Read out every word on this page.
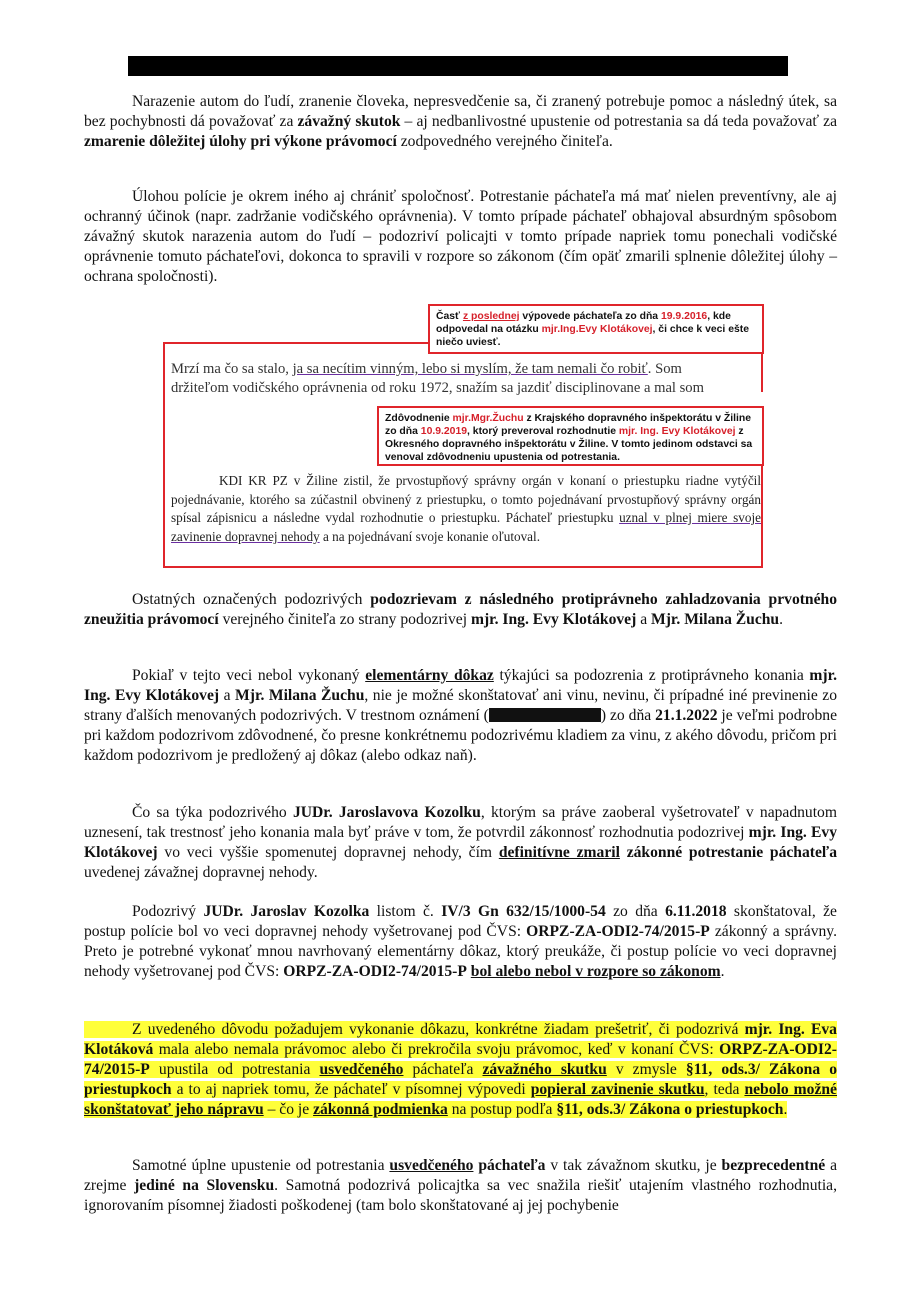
Narazenie autom do ľudí, zranenie človeka, nepresvedčenie sa, či zranený potrebuje pomoc a následný útek, sa bez pochybnosti dá považovať za závažný skutok – aj nedbanlivostné upustenie od potrestania sa dá teda považovať za zmarenie dôležitej úlohy pri výkone právomocí zodpovedného verejného činiteľa.

Úlohou polície je okrem iného aj chrániť spoločnosť. Potrestanie páchateľa má mať nielen preventívny, ale aj ochranný účinok (napr. zadržanie vodičského oprávnenia). V tomto prípade páchateľ obhajoval absurdným spôsobom závažný skutok narazenia autom do ľudí – podozriví policajti v tomto prípade napriek tomu ponechali vodičské oprávnenie tomuto páchateľovi, dokonca to spravili v rozpore so zákonom (čím opäť zmarili splnenie dôležitej úlohy – ochrana spoločnosti).

Časť z poslednej výpovede páchateľa zo dňa 19.9.2016, kde odpovedal na otázku mjr.Ing.Evy Klotákovej, či chce k veci ešte niečo uviesť.
Mrzí ma čo sa stalo, ja sa necítim vinným, lebo si myslím, že tam nemali čo robiť. Som
držiteľom vodičského oprávnenia od roku 1972, snažím sa jazdiť disciplinovane a mal som
Zdôvodnenie mjr.Mgr.Žuchu z Krajského dopravného inšpektorátu v Žiline zo dňa 10.9.2019, ktorý preveroval rozhodnutie mjr. Ing. Evy Klotákovej z Okresného dopravného inšpektorátu v Žiline. V tomto jedinom odstavci sa venoval zdôvodneniu upustenia od potrestania.

KDI KR PZ v Žiline zistil, že prvostupňový správny orgán v konaní o priestupku riadne vytýčil pojednávanie, ktorého sa zúčastnil obvinený z priestupku, o tomto pojednávaní prvostupňový správny orgán spísal zápisnicu a následne vydal rozhodnutie o priestupku. Páchateľ priestupku uznal v plnej miere svoje zavinenie dopravnej nehody a na pojednávaní svoje konanie oľutoval.

Ostatných označených podozrivých podozrievam z následného protiprávneho zahladzovania prvotného zneužitia právomocí verejného činiteľa zo strany podozrivej mjr. Ing. Evy Klotákovej a Mjr. Milana Žuchu.

Pokiaľ v tejto veci nebol vykonaný elementárny dôkaz týkajúci sa podozrenia z protiprávneho konania mjr. Ing. Evy Klotákovej a Mjr. Milana Žuchu, nie je možné skonštatovať ani vinu, nevinu, či prípadné iné previnenie zo strany ďalších menovaných podozrivých. V trestnom oznámení (	) zo dňa 21.1.2022 je veľmi podrobne pri každom podozrivom zdôvodnené, čo presne konkrétnemu podozrivému kladiem za vinu, z akého dôvodu, pričom pri každom podozrivom je predložený aj dôkaz (alebo odkaz naň).

Čo sa týka podozrivého JUDr. Jaroslavova Kozolku, ktorým sa práve zaoberal vyšetrovateľ v napadnutom uznesení, tak trestnosť jeho konania mala byť práve v tom, že potvrdil zákonnosť rozhodnutia podozrivej mjr. Ing. Evy Klotákovej vo veci vyššie spomenutej dopravnej nehody, čím definitívne zmaril zákonné potrestanie páchateľa uvedenej závažnej dopravnej nehody.

Podozrivý JUDr. Jaroslav Kozolka listom č. IV/3 Gn 632/15/1000-54 zo dňa 6.11.2018 skonštatoval, že postup polície bol vo veci dopravnej nehody vyšetrovanej pod ČVS: ORPZ-ZA-ODI2-74/2015-P zákonný a správny. Preto je potrebné vykonať mnou navrhovaný elementárny dôkaz, ktorý preukáže, či postup polície vo veci dopravnej nehody vyšetrovanej pod ČVS: ORPZ-ZA-ODI2-74/2015-P bol alebo nebol v rozpore so zákonom.

Z uvedeného dôvodu požadujem vykonanie dôkazu, konkrétne žiadam prešetriť, či podozrivá mjr. Ing. Eva Klotáková mala alebo nemala právomoc alebo či prekročila svoju právomoc, keď v konaní ČVS: ORPZ-ZA-ODI2-74/2015-P upustila od potrestania usvedčeného páchateľa závažného skutku v zmysle §11, ods.3/ Zákona o priestupkoch a to aj napriek tomu, že páchateľ v písomnej výpovedi popieral zavinenie skutku, teda nebolo možné skonštatovať jeho nápravu – čo je zákonná podmienka na postup podľa §11, ods.3/ Zákona o priestupkoch.

Samotné úplne upustenie od potrestania usvedčeného páchateľa v tak závažnom skutku, je bezprecedentné a zrejme jediné na Slovensku. Samotná podozrivá policajtka sa vec snažila riešiť utajením vlastného rozhodnutia, ignorovaním písomnej žiadosti poškodenej (tam bolo skonštatované aj jej pochybenie
